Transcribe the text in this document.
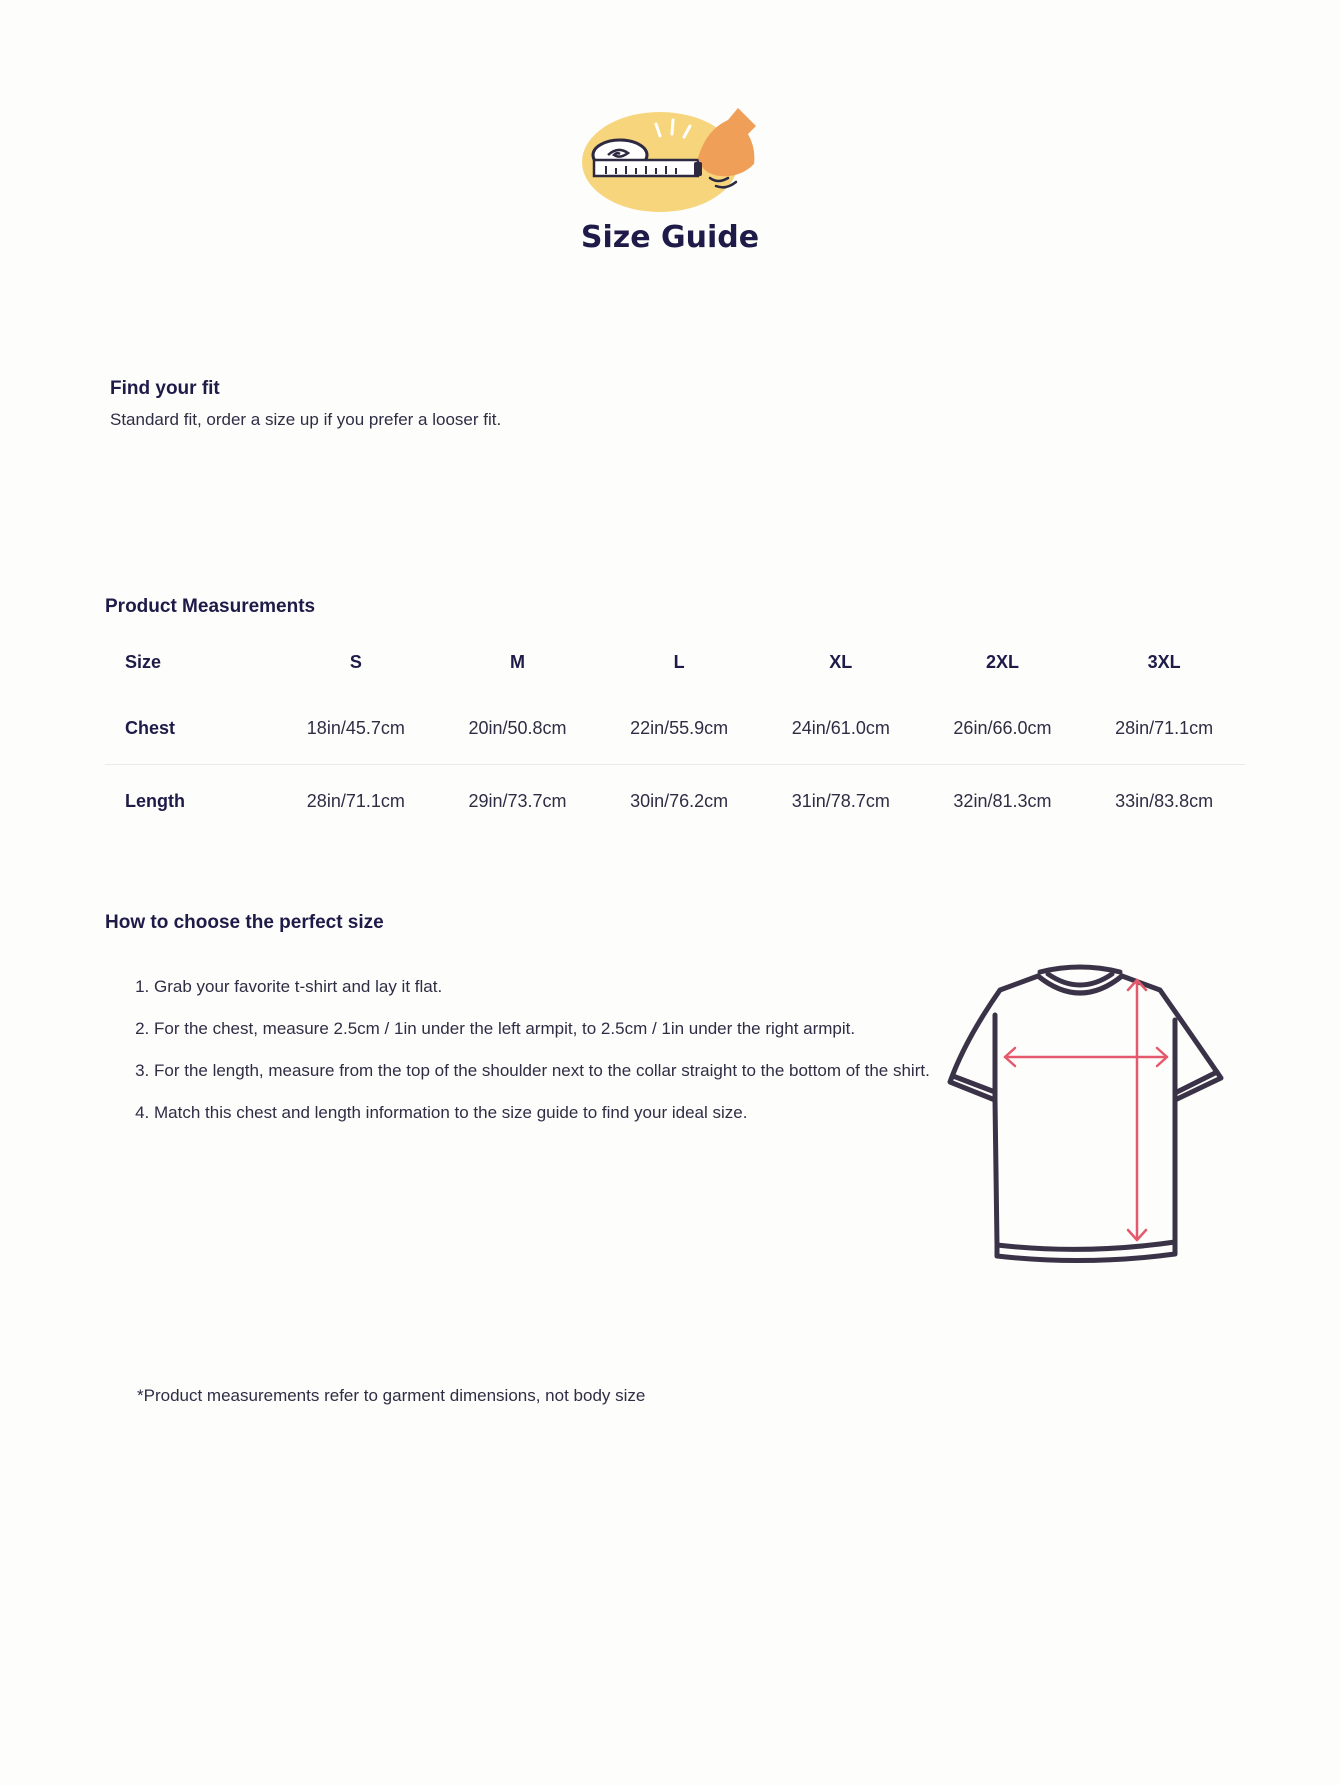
Size Guide
Find your fit

Standard fit, order a size up if you prefer a looser fit.

Product Measurements
Size	S	M	L	XL	2XL	3XL
Chest	18in/45.7cm	20in/50.8cm	22in/55.9cm	24in/61.0cm	26in/66.0cm	28in/71.1cm
Length	28in/71.1cm	29in/73.7cm	30in/76.2cm	31in/78.7cm	32in/81.3cm	33in/83.8cm
How to choose the perfect size
1. Grab your favorite t-shirt and lay it flat.
2. For the chest, measure 2.5cm / 1in under the left armpit, to 2.5cm / 1in under the right armpit.
3. For the length, measure from the top of the shoulder next to the collar straight to the bottom of the shirt.
4. Match this chest and length information to the size guide to find your ideal size.
*Product measurements refer to garment dimensions, not body size
